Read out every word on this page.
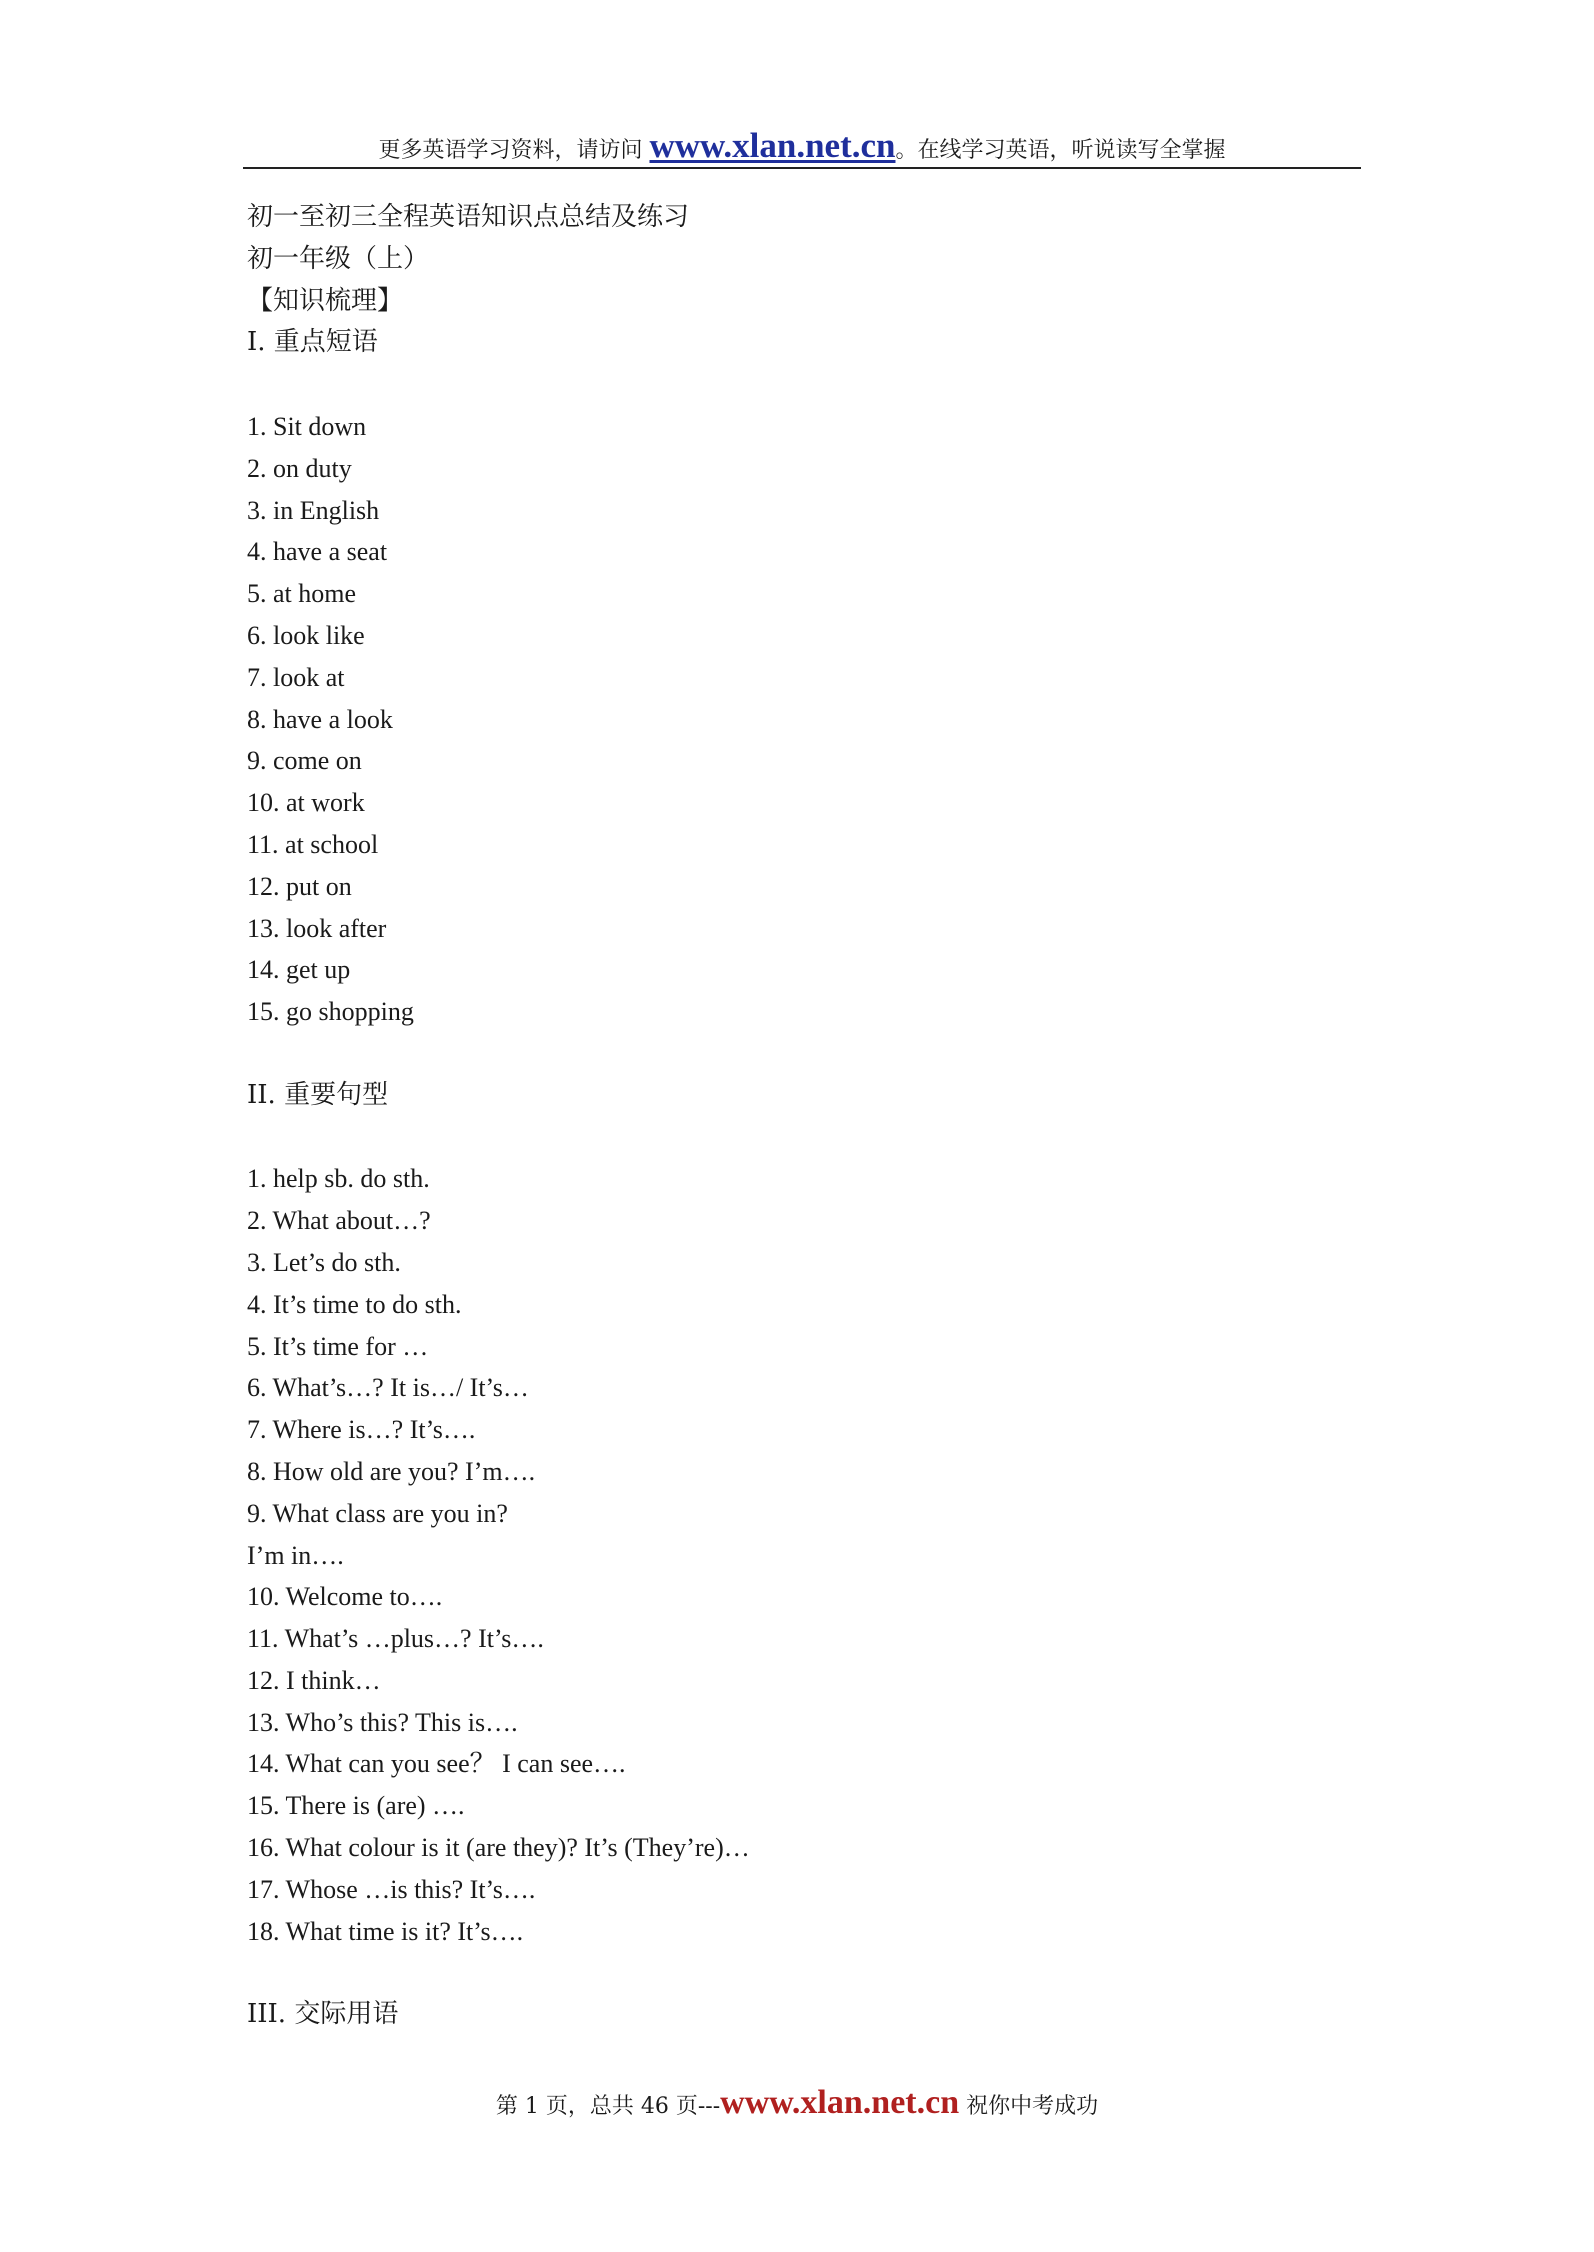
更多英语学习资料，请访问 www.xlan.net.cn。在线学习英语，听说读写全掌握
初一至初三全程英语知识点总结及练习
初一年级（上）
【知识梳理】
I. 重点短语
1. Sit down
2. on duty
3. in English
4. have a seat
5. at home
6. look like
7. look at
8. have a look
9. come on
10. at work
11. at school
12. put on
13. look after
14. get up
15. go shopping
II. 重要句型
1. help sb. do sth.
2. What about…?
3. Let’s do sth.
4. It’s time to do sth.
5. It’s time for …
6. What’s…? It is…/ It’s…
7. Where is…? It’s….
8. How old are you? I’m….
9. What class are you in?
I’m in….
10. Welcome to….
11. What’s …plus…? It’s….
12. I think…
13. Who’s this? This is….
14. What can you see？ I can see….
15. There is (are) ….
16. What colour is it (are they)? It’s (They’re)…
17. Whose …is this? It’s….
18. What time is it? It’s….
III. 交际用语
第 1 页，总共 46 页---www.xlan.net.cn 祝你中考成功
